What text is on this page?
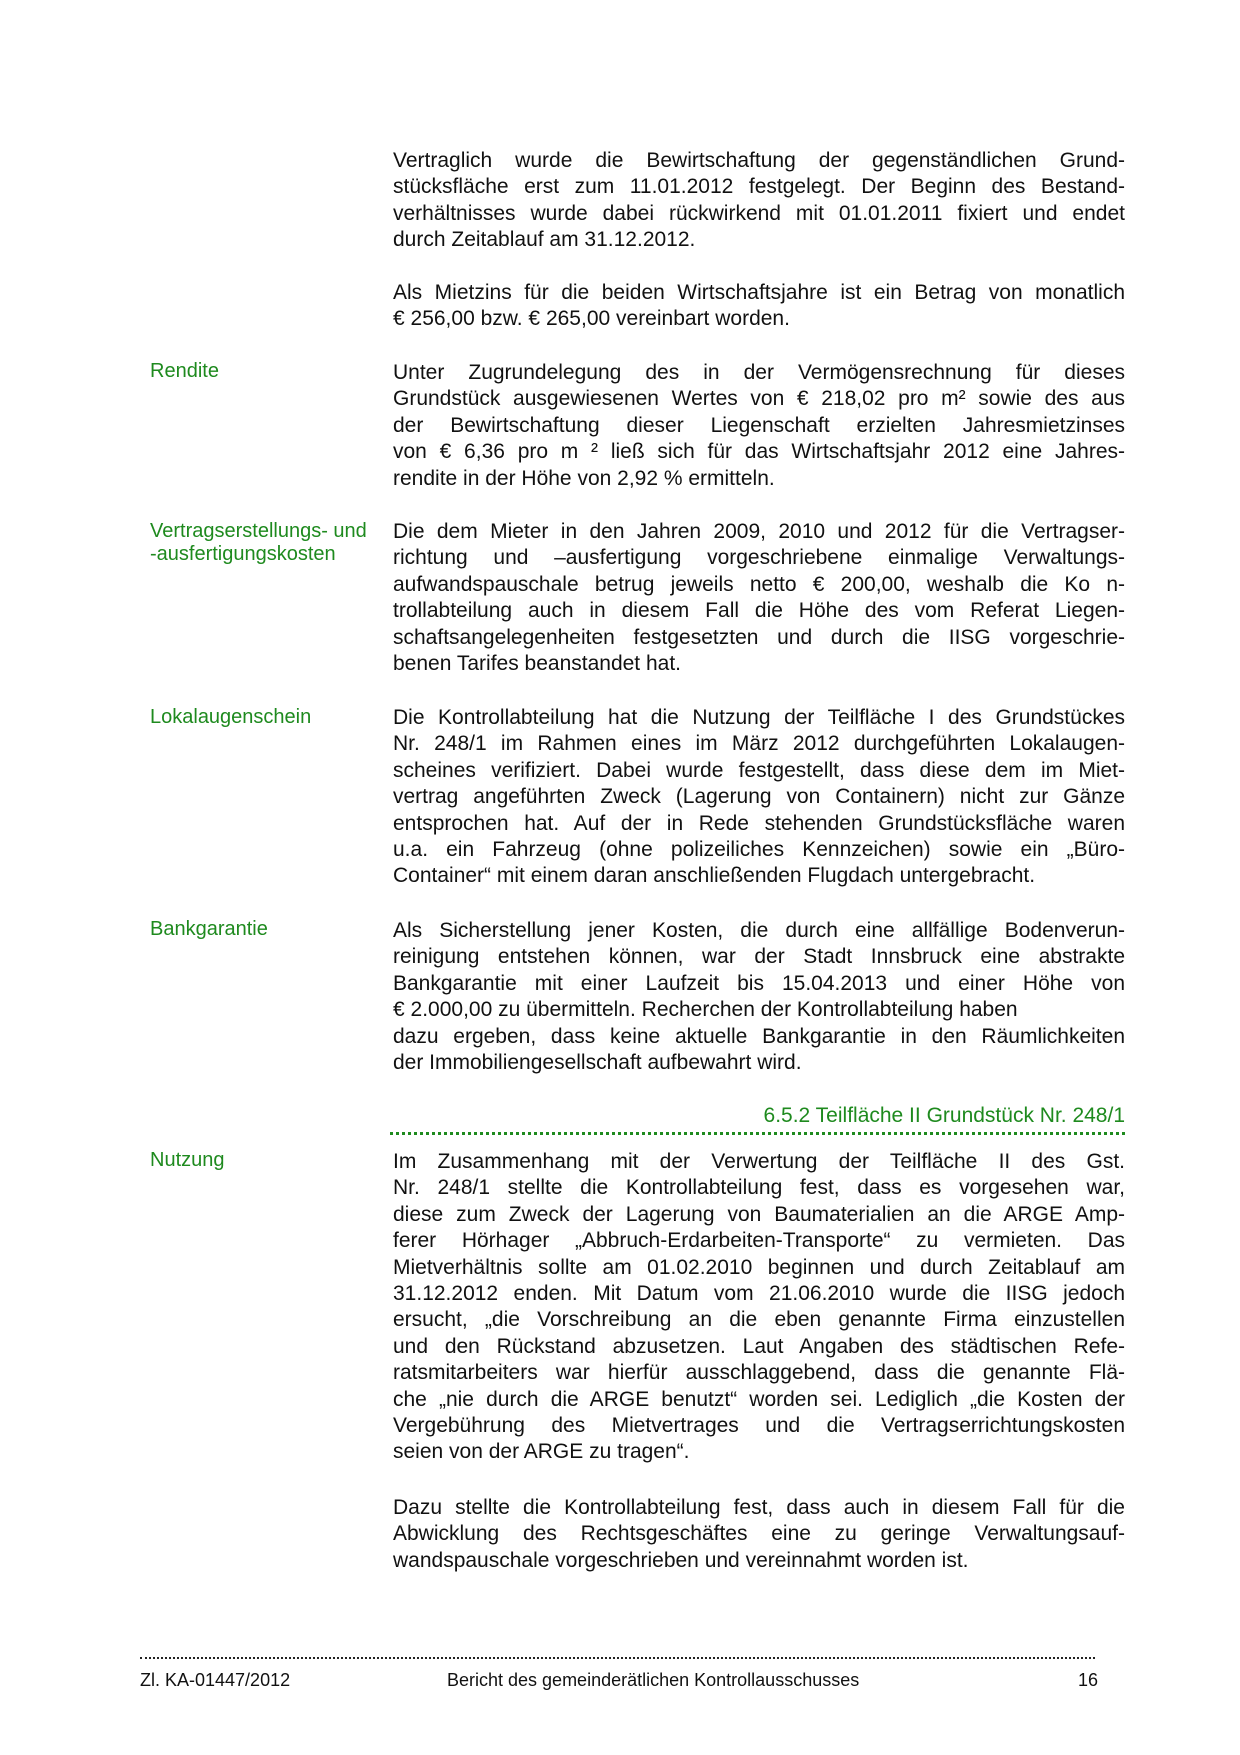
Vertraglich wurde die Bewirtschaftung der gegenständlichen Grund-
stücksfläche erst zum 11.01.2012 festgelegt. Der Beginn des Bestand-
verhältnisses wurde dabei rückwirkend mit 01.01.2011 fixiert und endet
durch Zeitablauf am 31.12.2012.
Als Mietzins für die beiden Wirtschaftsjahre ist ein Betrag von monatlich
€ 256,00 bzw. € 265,00 vereinbart worden.
Rendite	Unter Zugrundelegung des in der Vermögensrechnung für dieses
Grundstück ausgewiesenen Wertes von € 218,02 pro m² sowie des aus
der Bewirtschaftung dieser Liegenschaft erzielten Jahresmietzinses
von € 6,36 pro m ² ließ sich für das Wirtschaftsjahr 2012 eine Jahres-
rendite in der Höhe von 2,92 % ermitteln.
Vertragserstellungs- und
-ausfertigungskosten
Die dem Mieter in den Jahren 2009, 2010 und 2012 für die Vertragser-
richtung und –ausfertigung vorgeschriebene einmalige Verwaltungs-
aufwandspauschale betrug jeweils netto € 200,00, weshalb die Ko n-
trollabteilung auch in diesem Fall die Höhe des vom Referat Liegen-
schaftsangelegenheiten festgesetzten und durch die IISG vorgeschrie-
benen Tarifes beanstandet hat.
Lokalaugenschein	Die Kontrollabteilung hat die Nutzung der Teilfläche I des Grundstückes
Nr. 248/1 im Rahmen eines im März 2012 durchgeführten Lokalaugen-
scheines verifiziert. Dabei wurde festgestellt, dass diese dem im Miet-
vertrag angeführten Zweck (Lagerung von Containern) nicht zur Gänze
entsprochen hat. Auf der in Rede stehenden Grundstücksfläche waren
u.a. ein Fahrzeug (ohne polizeiliches Kennzeichen) sowie ein „Büro-
Container“ mit einem daran anschließenden Flugdach untergebracht.
Bankgarantie	Als Sicherstellung jener Kosten, die durch eine allfällige Bodenverun-
reinigung entstehen können, war der Stadt Innsbruck eine abstrakte
Bankgarantie mit einer Laufzeit bis 15.04.2013 und einer Höhe von
€ 2.000,00 zu übermitteln. Recherchen der Kontrollabteilung haben
dazu ergeben, dass keine aktuelle Bankgarantie in den Räumlichkeiten
der Immobiliengesellschaft aufbewahrt wird.
6.5.2 Teilfläche II Grundstück Nr. 248/1
Nutzung	Im Zusammenhang mit der Verwertung der Teilfläche II des Gst.
Nr. 248/1 stellte die Kontrollabteilung fest, dass es vorgesehen war,
diese zum Zweck der Lagerung von Baumaterialien an die ARGE Amp-
ferer Hörhager „Abbruch-Erdarbeiten-Transporte“ zu vermieten. Das
Mietverhältnis sollte am 01.02.2010 beginnen und durch Zeitablauf am
31.12.2012 enden. Mit Datum vom 21.06.2010 wurde die IISG jedoch
ersucht, „die Vorschreibung an die eben genannte Firma einzustellen
und den Rückstand abzusetzen. Laut Angaben des städtischen Refe-
ratsmitarbeiters war hierfür ausschlaggebend, dass die genannte Flä-
che „nie durch die ARGE benutzt“ worden sei. Lediglich „die Kosten der
Vergebührung des Mietvertrages und die Vertragserrichtungskosten
seien von der ARGE zu tragen“.
Dazu stellte die Kontrollabteilung fest, dass auch in diesem Fall für die
Abwicklung des Rechtsgeschäftes eine zu geringe Verwaltungsauf-
wandspauschale vorgeschrieben und vereinnahmt worden ist.
Zl. KA-01447/2012	Bericht des gemeinderätlichen Kontrollausschusses	16
